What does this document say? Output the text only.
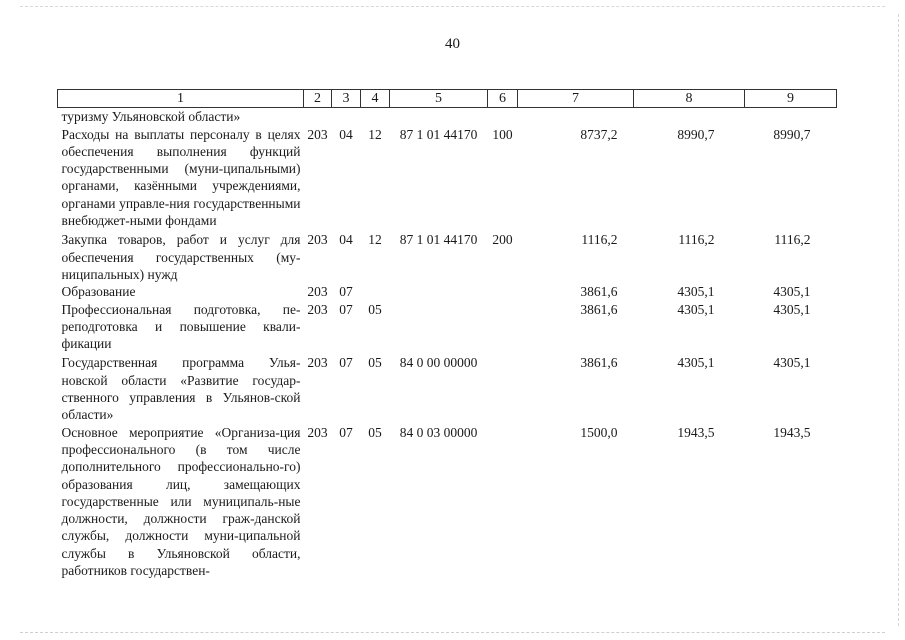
40
1	2	3	4	5	6	7	8	9
туризму Ульяновской области»								
Расходы на выплаты персоналу в целях обеспечения выполнения функций государственными (муни-ципальными) органами, казёнными учреждениями, органами управле-ния государственными внебюджет-ными фондами	203	04	12	87 1 01 44170	100	8737,2	8990,7	8990,7
Закупка товаров, работ и услуг для обеспечения государственных (му-ниципальных) нужд	203	04	12	87 1 01 44170	200	1116,2	1116,2	1116,2
Образование	203	07				3861,6	4305,1	4305,1
Профессиональная подготовка, пе-реподготовка и повышение квали-фикации	203	07	05			3861,6	4305,1	4305,1
Государственная программа Улья-новской области «Развитие государ-ственного управления в Ульянов-ской области»	203	07	05	84 0 00 00000		3861,6	4305,1	4305,1
Основное мероприятие «Организа-ция профессионального (в том числе дополнительного профессионально-го) образования лиц, замещающих государственные или муниципаль-ные должности, должности граж-данской службы, должности муни-ципальной службы в Ульяновской области, работников государствен-	203	07	05	84 0 03 00000		1500,0	1943,5	1943,5
